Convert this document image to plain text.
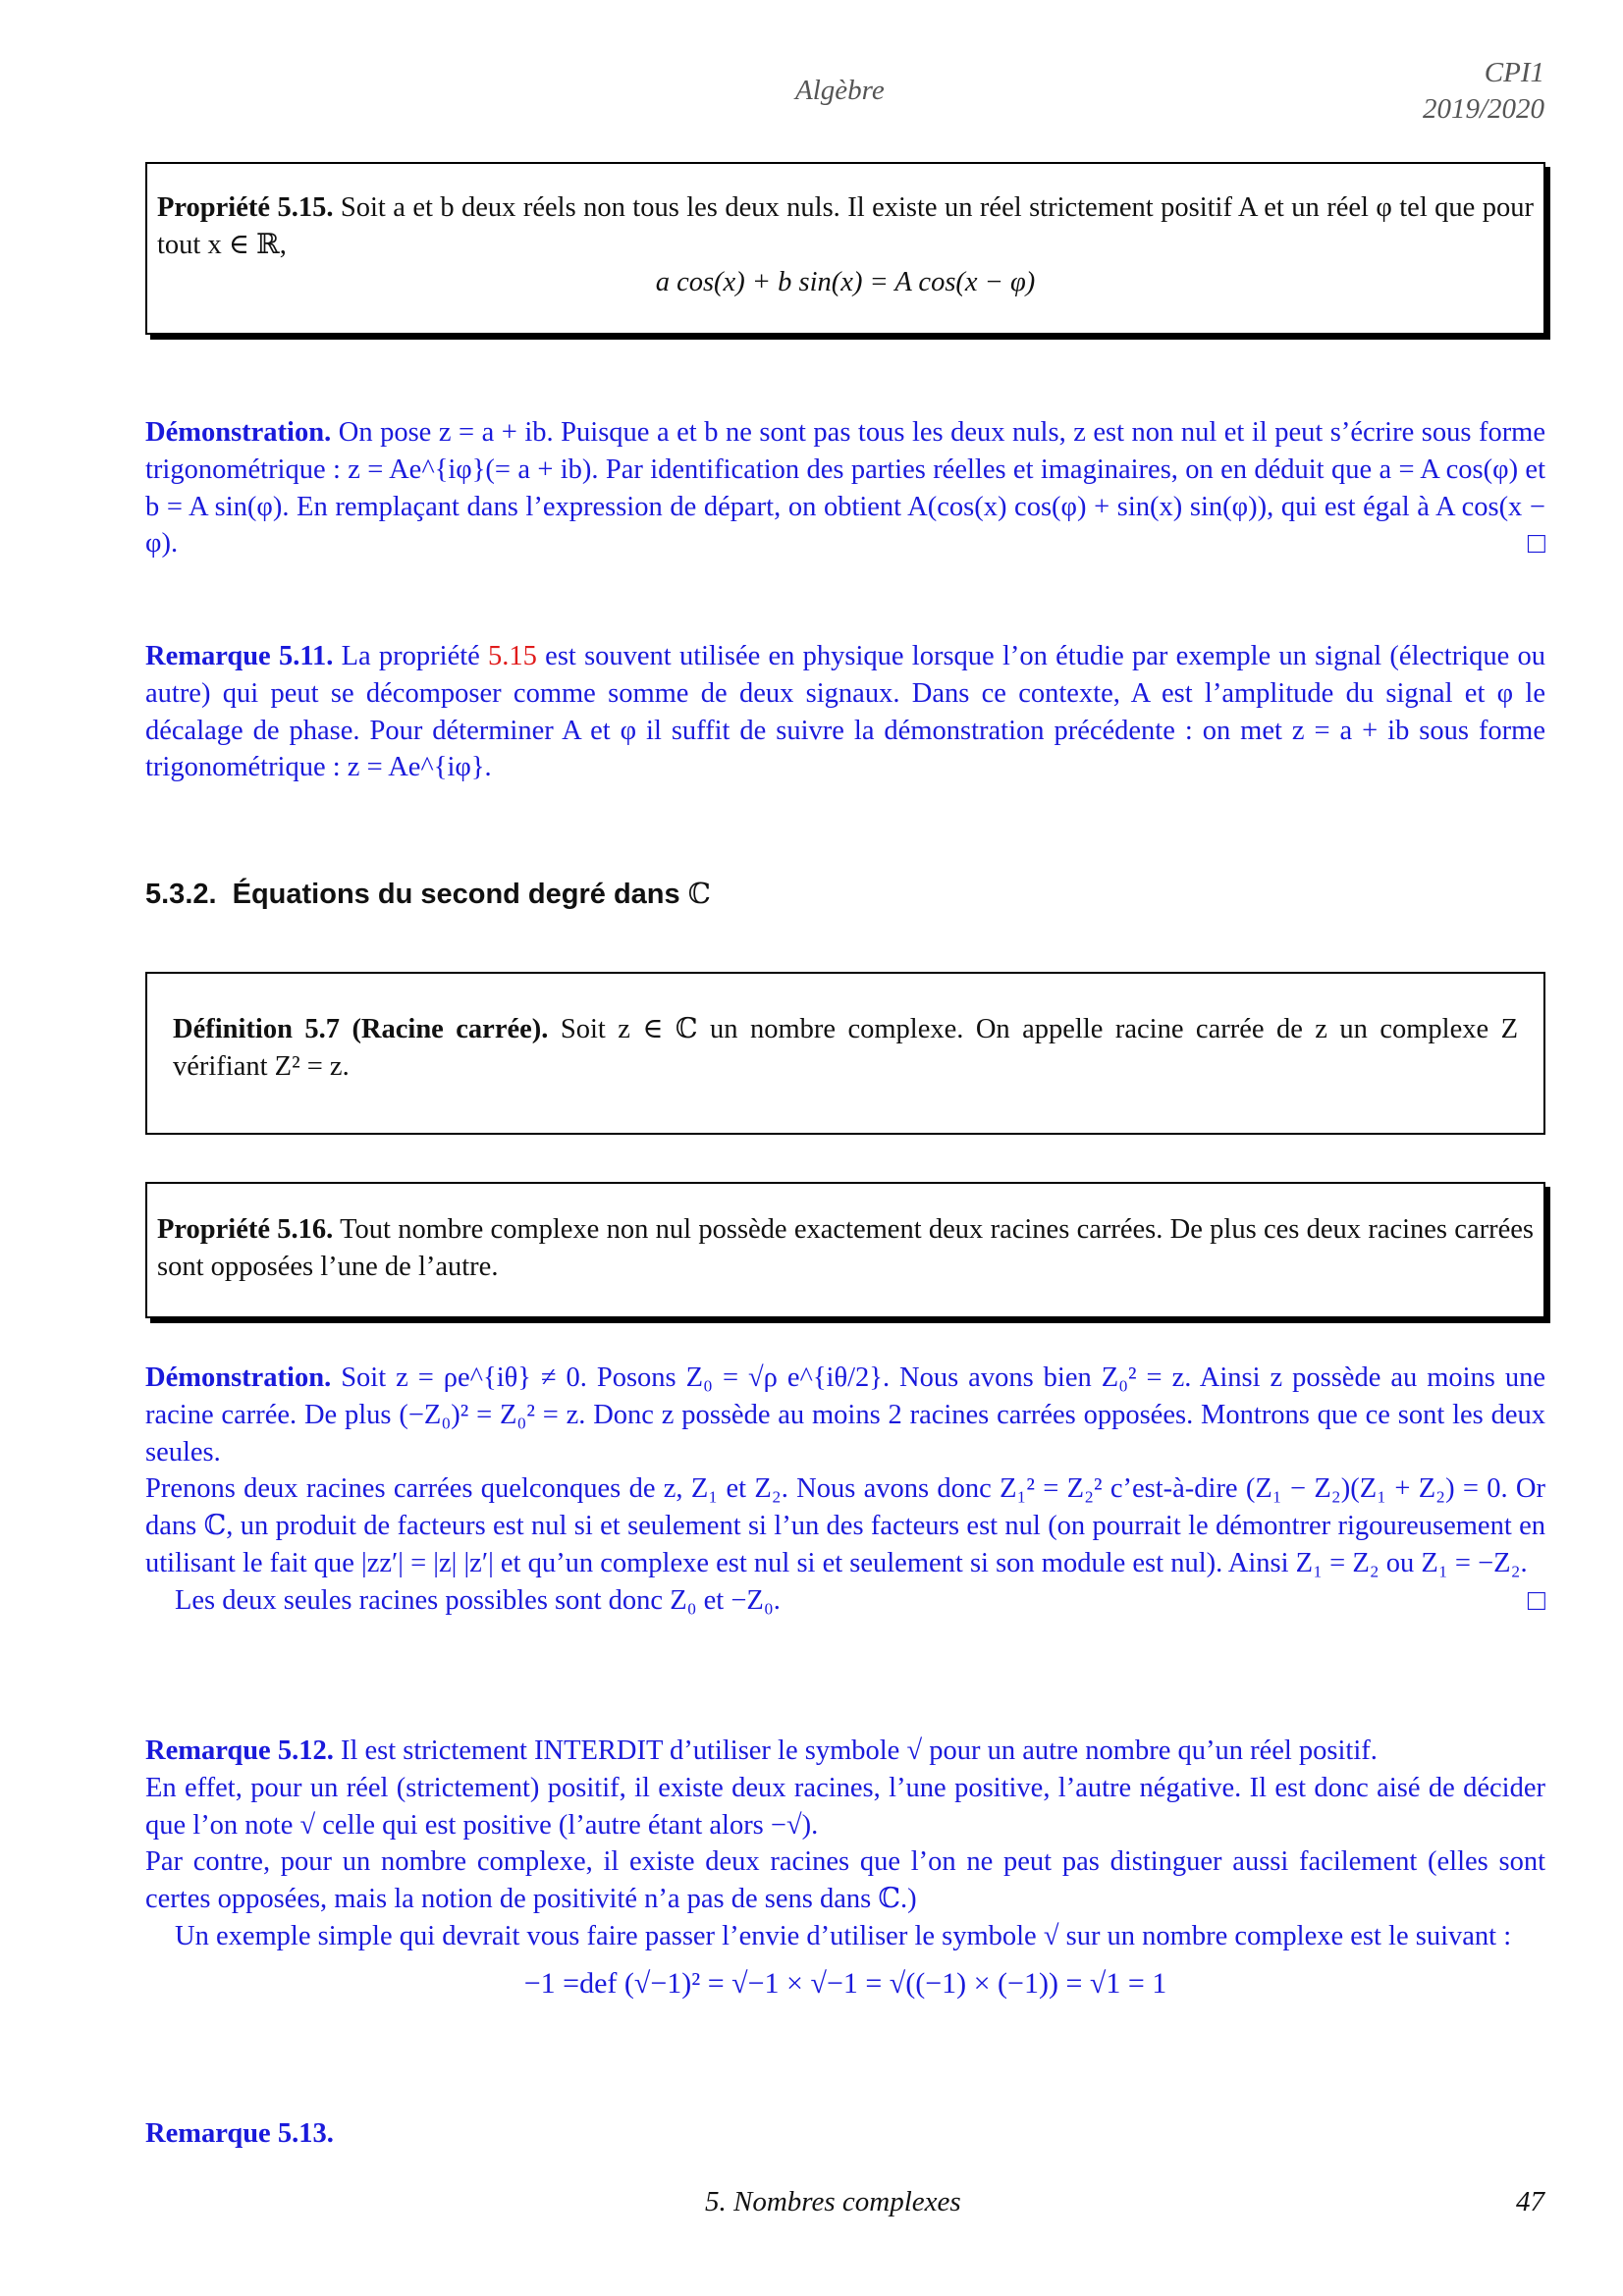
Algèbre
CPI1
2019/2020
Propriété 5.15. Soit a et b deux réels non tous les deux nuls. Il existe un réel strictement positif A et un réel φ tel que pour tout x ∈ ℝ,
a cos(x) + b sin(x) = A cos(x − φ)
Démonstration. On pose z = a + ib. Puisque a et b ne sont pas tous les deux nuls, z est non nul et il peut s’écrire sous forme trigonométrique : z = Ae^{iφ}(= a + ib). Par identification des parties réelles et imaginaires, on en déduit que a = A cos(φ) et b = A sin(φ). En remplaçant dans l’expression de départ, on obtient A(cos(x) cos(φ) + sin(x) sin(φ)), qui est égal à A cos(x − φ).	□
Remarque 5.11. La propriété 5.15 est souvent utilisée en physique lorsque l’on étudie par exemple un signal (électrique ou autre) qui peut se décomposer comme somme de deux signaux. Dans ce contexte, A est l’amplitude du signal et φ le décalage de phase. Pour déterminer A et φ il suffit de suivre la démonstration précédente : on met z = a + ib sous forme trigonométrique : z = Ae^{iφ}.
5.3.2. Équations du second degré dans ℂ
Définition 5.7 (Racine carrée). Soit z ∈ ℂ un nombre complexe. On appelle racine carrée de z un complexe Z vérifiant Z² = z.
Propriété 5.16. Tout nombre complexe non nul possède exactement deux racines carrées. De plus ces deux racines carrées sont opposées l’une de l’autre.
Démonstration. Soit z = ρe^{iθ} ≠ 0. Posons Z₀ = √ρ e^{iθ/2}. Nous avons bien Z₀² = z. Ainsi z possède au moins une racine carrée. De plus (−Z₀)² = Z₀² = z. Donc z possède au moins 2 racines carrées opposées. Montrons que ce sont les deux seules.
Prenons deux racines carrées quelconques de z, Z₁ et Z₂. Nous avons donc Z₁² = Z₂² c’est-à-dire (Z₁ − Z₂)(Z₁ + Z₂) = 0. Or dans ℂ, un produit de facteurs est nul si et seulement si l’un des facteurs est nul (on pourrait le démontrer rigoureusement en utilisant le fait que |zz′| = |z| |z′| et qu’un complexe est nul si et seulement si son module est nul). Ainsi Z₁ = Z₂ ou Z₁ = −Z₂.
Les deux seules racines possibles sont donc Z₀ et −Z₀.	□
Remarque 5.12. Il est strictement INTERDIT d’utiliser le symbole √ pour un autre nombre qu’un réel positif.
En effet, pour un réel (strictement) positif, il existe deux racines, l’une positive, l’autre négative. Il est donc aisé de décider que l’on note √ celle qui est positive (l’autre étant alors −√).
Par contre, pour un nombre complexe, il existe deux racines que l’on ne peut pas distinguer aussi facilement (elles sont certes opposées, mais la notion de positivité n’a pas de sens dans ℂ.)
Un exemple simple qui devrait vous faire passer l’envie d’utiliser le symbole √ sur un nombre complexe est le suivant :
−1 =def (√−1)² = √−1 × √−1 = √((−1) × (−1)) = √1 = 1
Remarque 5.13.
5. Nombres complexes	47
